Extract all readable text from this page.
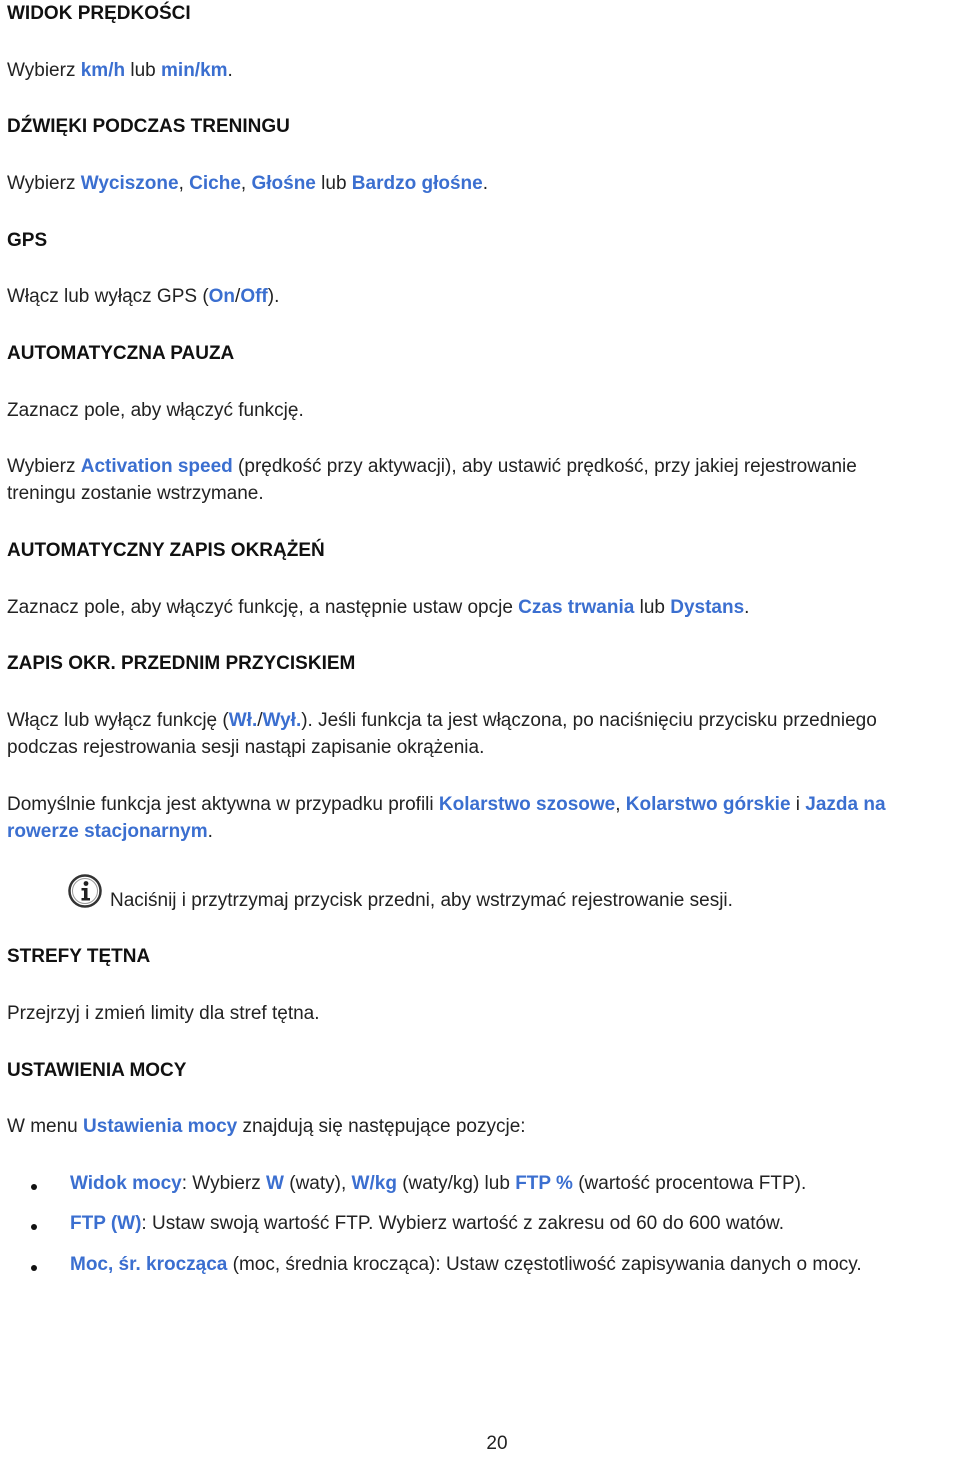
WIDOK PRĘDKOŚCI
Wybierz km/h lub min/km.
DŹWIĘKI PODCZAS TRENINGU
Wybierz Wyciszone, Ciche, Głośne lub Bardzo głośne.
GPS
Włącz lub wyłącz GPS (On/Off).
AUTOMATYCZNA PAUZA
Zaznacz pole, aby włączyć funkcję.
Wybierz Activation speed (prędkość przy aktywacji), aby ustawić prędkość, przy jakiej rejestrowanie
treningu zostanie wstrzymane.
AUTOMATYCZNY ZAPIS OKRĄŻEŃ
Zaznacz pole, aby włączyć funkcję, a następnie ustaw opcje Czas trwania lub Dystans.
ZAPIS OKR. PRZEDNIM PRZYCISKIEM
Włącz lub wyłącz funkcję (Wł./Wył.). Jeśli funkcja ta jest włączona, po naciśnięciu przycisku przedniego
podczas rejestrowania sesji nastąpi zapisanie okrążenia.
Domyślnie funkcja jest aktywna w przypadku profili Kolarstwo szosowe, Kolarstwo górskie i Jazda na
rowerze stacjonarnym.
Naciśnij i przytrzymaj przycisk przedni, aby wstrzymać rejestrowanie sesji.
STREFY TĘTNA
Przejrzyj i zmień limity dla stref tętna.
USTAWIENIA MOCY
W menu Ustawienia mocy znajdują się następujące pozycje:
Widok mocy: Wybierz W (waty), W/kg (waty/kg) lub FTP % (wartość procentowa FTP).
FTP (W): Ustaw swoją wartość FTP. Wybierz wartość z zakresu od 60 do 600 watów.
Moc, śr. krocząca (moc, średnia krocząca): Ustaw częstotliwość zapisywania danych o mocy.
20
